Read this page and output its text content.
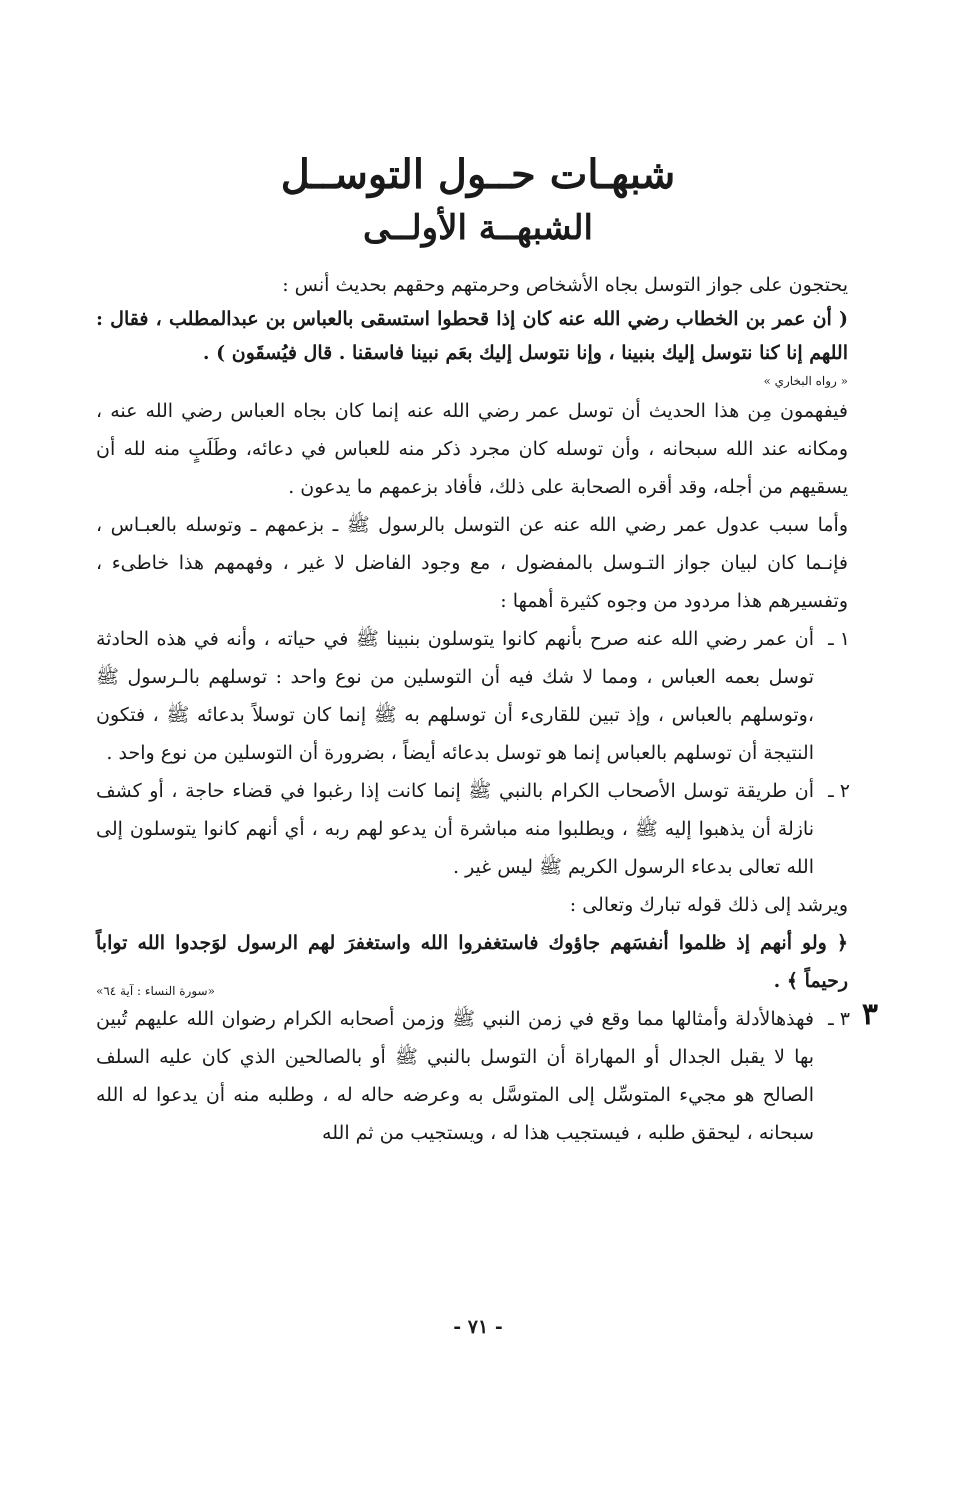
شبهـات حــول التوســل
الشبهــة الأولــى

يحتجون على جواز التوسل بجاه الأشخاص وحرمتهم وحقهم بحديث أنس :

( أن عمر بن الخطاب رضي الله عنه كان إذا قحطوا استسقى بالعباس بن عبدالمطلب ، فقال : اللهم إنا كنا نتوسل إليك بنبينا ، وإنا نتوسل إليك بعَم نبينا فاسقنا . قال فيُسقَون ) .

« رواه البخاري »

فيفهمون مِن هذا الحديث أن توسل عمر رضي الله عنه إنما كان بجاه العباس رضي الله عنه ، ومكانه عند الله سبحانه ، وأن توسله كان مجرد ذكر منه للعباس في دعائه، وطَلَبٍ منه لله أن يسقيهم من أجله، وقد أقره الصحابة على ذلك، فأفاد بزعمهم ما يدعون .

وأما سبب عدول عمر رضي الله عنه عن التوسل بالرسول ﷺ ـ بزعمهم ـ وتوسله بالعبـاس ، فإنـما كان لبيان جواز التـوسل بالمفضول ، مع وجود الفاضل لا غير ، وفهمهم هذا خاطىء ، وتفسيرهم هذا مردود من وجوه كثيرة أهمها :

١ ـ

أن عمر رضي الله عنه صرح بأنهم كانوا يتوسلون بنبينا ﷺ في حياته ، وأنه في هذه الحادثة توسل بعمه العباس ، ومما لا شك فيه أن التوسلين من نوع واحد : توسلهم بالـرسول ﷺ ،وتوسلهم بالعباس ، وإذ تبين للقارىء أن توسلهم به ﷺ إنما كان توسلاً بدعائه ﷺ ، فتكون النتيجة أن توسلهم بالعباس إنما هو توسل بدعائه أيضاً ، بضرورة أن التوسلين من نوع واحد .

٢ ـ

أن طريقة توسل الأصحاب الكرام بالنبي ﷺ إنما كانت إذا رغبوا في قضاء حاجة ، أو كشف نازلة أن يذهبوا إليه ﷺ ، ويطلبوا منه مباشرة أن يدعو لهم ربه ، أي أنهم كانوا يتوسلون إلى الله تعالى بدعاء الرسول الكريم ﷺ ليس غير .

ويرشد إلى ذلك قوله تبارك وتعالى :

﴿ ولو أنهم إذ ظلموا أنفسَهم جاؤوك فاستغفروا الله واستغفرَ لهم الرسول لوَجدوا الله تواباً رحيماً ﴾ .

«سورة النساء : آية ٦٤»

٣
٣ ـ

فهذهالأدلة وأمثالها مما وقع في زمن النبي ﷺ وزمن أصحابه الكرام رضوان الله عليهم تُبين بها لا يقبل الجدال أو المهاراة أن التوسل بالنبي ﷺ أو بالصالحين الذي كان عليه السلف الصالح هو مجيء المتوسِّل إلى المتوسَّل به وعرضه حاله له ، وطلبه منه أن يدعوا له الله سبحانه ، ليحقق طلبه ، فيستجيب هذا له ، ويستجيب من ثم الله

- ٧١ -
